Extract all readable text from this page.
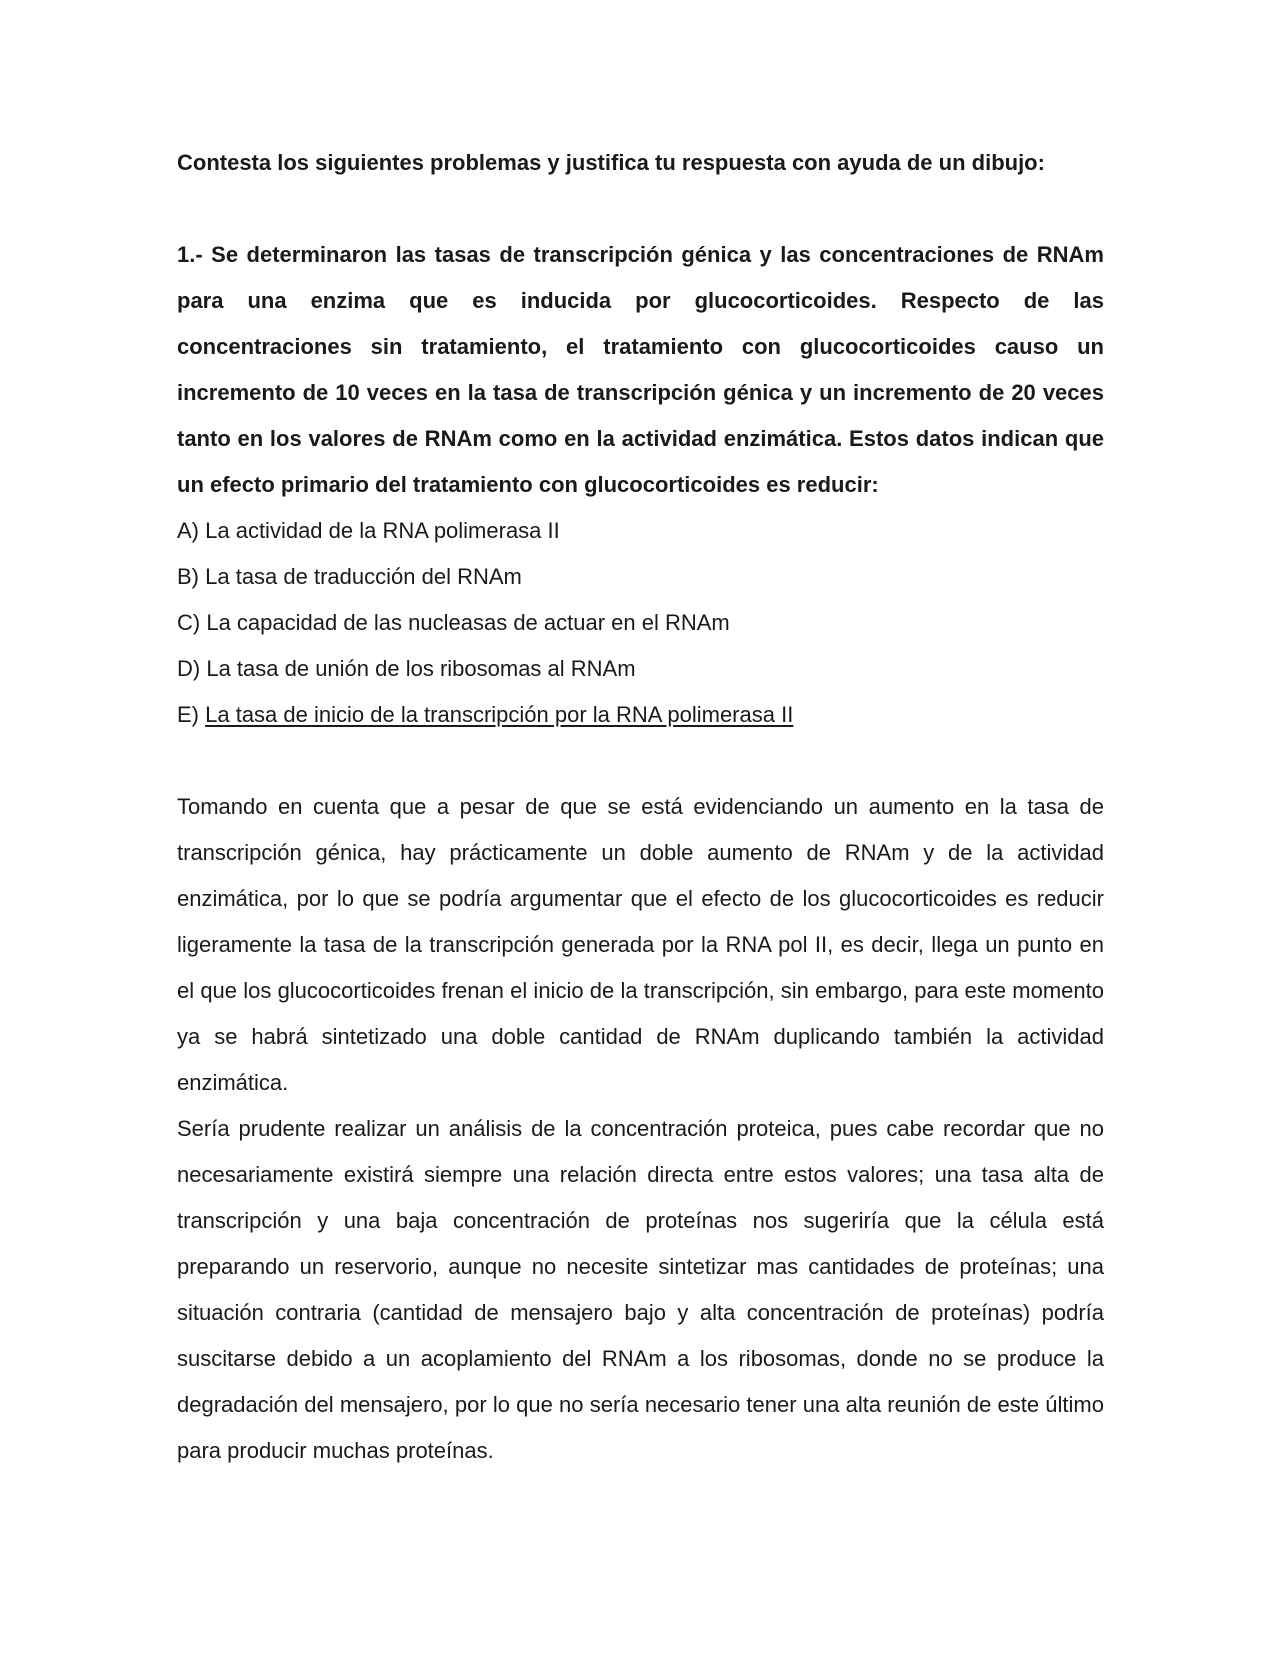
Contesta los siguientes problemas y justifica tu respuesta con ayuda de un dibujo:

1.- Se determinaron las tasas de transcripción génica y las concentraciones de RNAm para una enzima que es inducida por glucocorticoides. Respecto de las concentraciones sin tratamiento, el tratamiento con glucocorticoides causo un incremento de 10 veces en la tasa de transcripción génica y un incremento de 20 veces tanto en los valores de RNAm como en la actividad enzimática. Estos datos indican que un efecto primario del tratamiento con glucocorticoides es reducir:

A) La actividad de la RNA polimerasa II
B) La tasa de traducción del RNAm
C) La capacidad de las nucleasas de actuar en el RNAm
D) La tasa de unión de los ribosomas al RNAm
E) La tasa de inicio de la transcripción por la RNA polimerasa II

Tomando en cuenta que a pesar de que se está evidenciando un aumento en la tasa de transcripción génica, hay prácticamente un doble aumento de RNAm y de la actividad enzimática, por lo que se podría argumentar que el efecto de los glucocorticoides es reducir ligeramente la tasa de la transcripción generada por la RNA pol II, es decir, llega un punto en el que los glucocorticoides frenan el inicio de la transcripción, sin embargo, para este momento ya se habrá sintetizado una doble cantidad de RNAm duplicando también la actividad enzimática.

Sería prudente realizar un análisis de la concentración proteica, pues cabe recordar que no necesariamente existirá siempre una relación directa entre estos valores; una tasa alta de transcripción y una baja concentración de proteínas nos sugeriría que la célula está preparando un reservorio, aunque no necesite sintetizar mas cantidades de proteínas; una situación contraria (cantidad de mensajero bajo y alta concentración de proteínas) podría suscitarse debido a un acoplamiento del RNAm a los ribosomas, donde no se produce la degradación del mensajero, por lo que no sería necesario tener una alta reunión de este último para producir muchas proteínas.
